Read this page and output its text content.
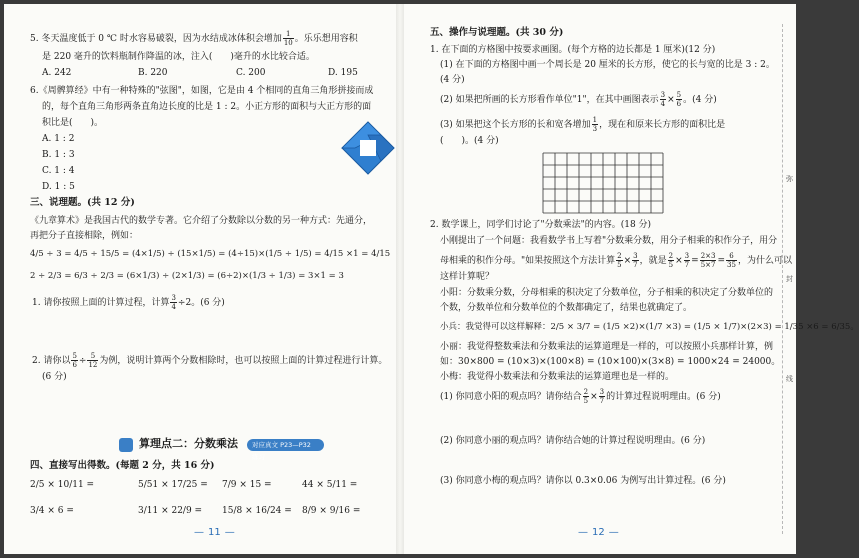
5. 冬天温度低于 0 ℃ 时水容易破裂，因为水结成冰体积会增加 $\frac{1}{10}$ 。乐乐想用容积
是 220 毫升的饮料瓶制作降温的冰，注入(　　)毫升的水比较合适。
A. 242	B. 220	C. 200	D. 195
6.《周髀算经》中有一种特殊的"弦图"，如图，它是由 4 个相同的直角三角形拼接而成
的，每个直角三角形两条直角边长度的比是 1 : 2。小正方形的面积与大正方形的面
积比是(　　)。
A. 1 : 2
B. 1 : 3
C. 1 : 4
D. 1 : 5
三、说理题。(共 12 分)
《九章算术》是我国古代的数学专著。它介绍了分数除以分数的另一种方式：先通分，
再把分子直接相除，例如：
4/5 ÷ 3 = 4/5 ÷ 15/5 = (4×1/5) ÷ (15×1/5) = (4÷15)×(1/5 ÷ 1/5) = 4/15 ×1 = 4/15
2 ÷ 2/3 = 6/3 ÷ 2/3 = (6×1/3) ÷ (2×1/3) = (6÷2)×(1/3 ÷ 1/3) = 3×1 = 3
1. 请你按照上面的计算过程，计算 $\frac{3}{4} \div 2$。(6 分)
2. 请你以 $\frac{5}{6} \div \frac{5}{12}$ 为例，说明计算两个分数相除时，也可以按照上面的计算过程进行计算。
(6 分)
算理点二：分数乘法	对应真文 P23—P32 练习
四、直接写出得数。(每题 2 分，共 16 分)
2/5 × 10/11 =	5/51 × 17/25 = 7/9 × 15 =	44 × 5/11 =
3/4 × 6 =	3/11 × 22/9 = 15/8 × 16/24 = 8/9 × 9/16 =
— 11 —
五、操作与说理题。(共 30 分)
1. 在下面的方格图中按要求画图。(每个方格的边长都是 1 厘米)(12 分)
(1) 在下面的方格图中画一个周长是 20 厘米的长方形，使它的长与宽的比是 3 : 2。
(4 分)
(2) 如果把所画的长方形看作单位"1"，在其中画图表示 $\frac{3}{4} \times \frac{5}{6}$ 。(4 分)
(3) 如果把这个长方形的长和宽各增加 $\frac{1}{3}$ ，现在和原来长方形的面积比是
(　　)。(4 分)
2. 数学课上，同学们讨论了"分数乘法"的内容。(18 分)
小刚提出了一个问题：我看数学书上写着"分数乘分数，用分子相乘的积作分子，用分
母相乘的积作分母。"如果按照这个方法计算 $\frac{2}{5} \times \frac{3}{7}$ ，就是 $\frac{2}{5} \times \frac{3}{7} = \frac{2\times 3}{5\times 7} = \frac{6}{35}$ ，为什么可以
这样计算呢？
小阳：分数乘分数，分母相乘的积决定了分数单位，分子相乘的积决定了分数单位的
个数，分数单位和分数单位的个数都确定了，结果也就确定了。
小兵：我觉得可以这样解释：2/5 × 3/7 = (1/5 ×2)×(1/7 ×3) = (1/5 × 1/7)×(2×3) = 1/35 ×6 = 6/35。
小丽：我觉得整数乘法和分数乘法的运算道理是一样的，可以按照小兵那样计算，例
如：30×800 = (10×3)×(100×8) = (10×100)×(3×8) = 1000×24 = 24000。
小梅：我觉得小数乘法和分数乘法的运算道理也是一样的。
(1) 你同意小阳的观点吗？请你结合 $\frac{2}{5} \times \frac{3}{7}$ 的计算过程说明理由。(6 分)
(2) 你同意小丽的观点吗？请你结合她的计算过程说明理由。(6 分)
(3) 你同意小梅的观点吗？请你以 0.3×0.06 为例写出计算过程。(6 分)
— 12 —
弥
封
线
